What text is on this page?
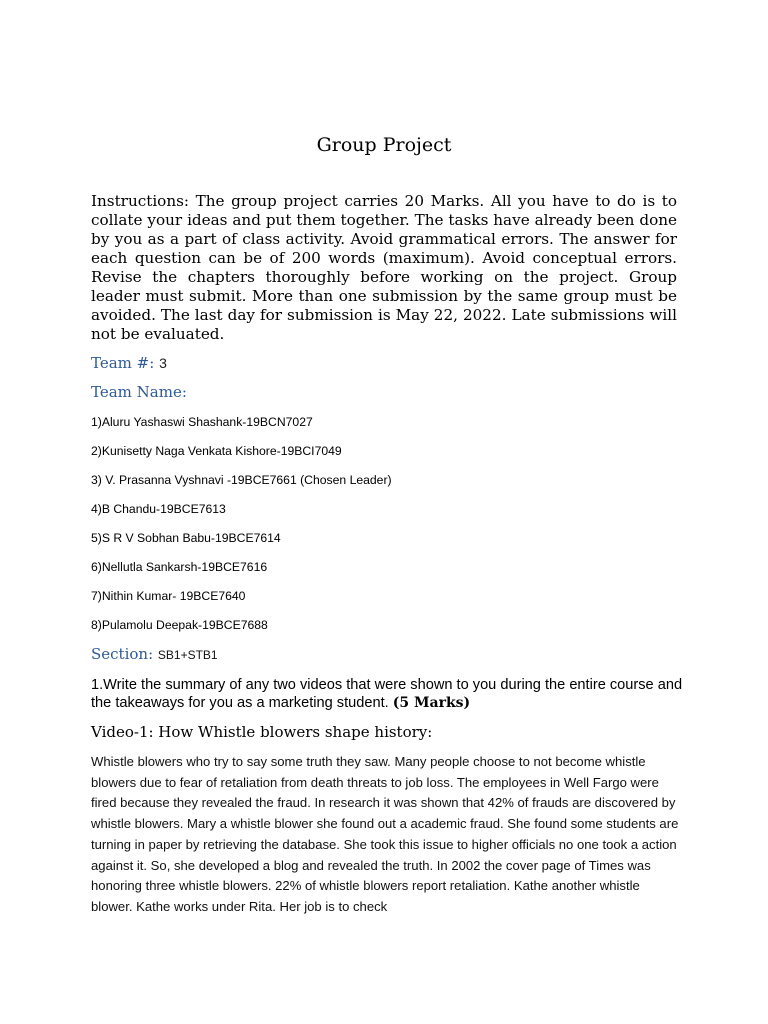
Group Project

Instructions: The group project carries 20 Marks. All you have to do is to collate your ideas and put them together. The tasks have already been done by you as a part of class activity. Avoid grammatical errors. The answer for each question can be of 200 words (maximum). Avoid conceptual errors. Revise the chapters thoroughly before working on the project. Group leader must submit. More than one submission by the same group must be avoided. The last day for submission is May 22, 2022. Late submissions will not be evaluated.

Team #: 3
Team Name:
1)Aluru Yashaswi Shashank-19BCN7027
2)Kunisetty Naga Venkata Kishore-19BCI7049
3) V. Prasanna Vyshnavi -19BCE7661 (Chosen Leader)
4)B Chandu-19BCE7613
5)S R V Sobhan Babu-19BCE7614
6)Nellutla Sankarsh-19BCE7616
7)Nithin Kumar- 19BCE7640
8)Pulamolu Deepak-19BCE7688
Section: SB1+STB1
1.Write the summary of any two videos that were shown to you during the entire course and the takeaways for you as a marketing student. (5 Marks)
Video-1: How Whistle blowers shape history:

Whistle blowers who try to say some truth they saw. Many people choose to not become whistle blowers due to fear of retaliation from death threats to job loss. The employees in Well Fargo were fired because they revealed the fraud. In research it was shown that 42% of frauds are discovered by whistle blowers. Mary a whistle blower she found out a academic fraud. She found some students are turning in paper by retrieving the database. She took this issue to higher officials no one took a action against it. So, she developed a blog and revealed the truth. In 2002 the cover page of Times was honoring three whistle blowers. 22% of whistle blowers report retaliation. Kathe another whistle blower. Kathe works under Rita. Her job is to check
